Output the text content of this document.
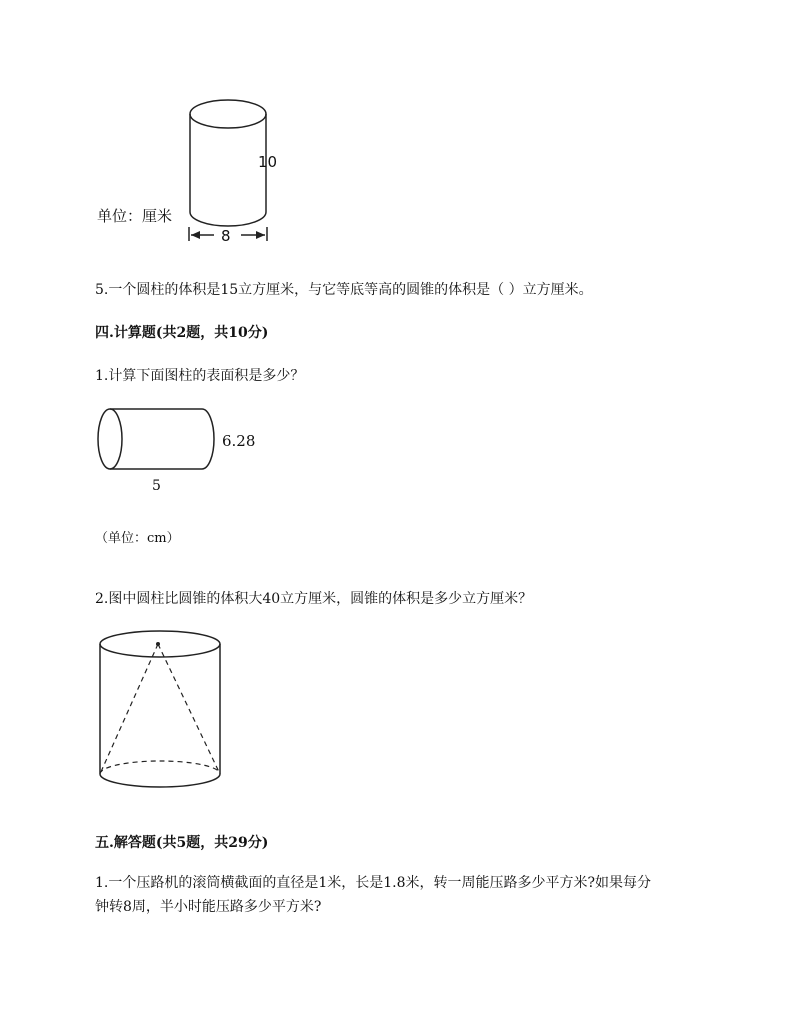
10
8
单位：厘米
5.一个圆柱的体积是15立方厘米，与它等底等高的圆锥的体积是（ ）立方厘米。
四.计算题(共2题，共10分)
1.计算下面图柱的表面积是多少？
6.28
5
（单位：cm）
2.图中圆柱比圆锥的体积大40立方厘米，圆锥的体积是多少立方厘米？
五.解答题(共5题，共29分)
1.一个压路机的滚筒横截面的直径是1米，长是1.8米，转一周能压路多少平方米?如果每分
钟转8周，半小时能压路多少平方米?
